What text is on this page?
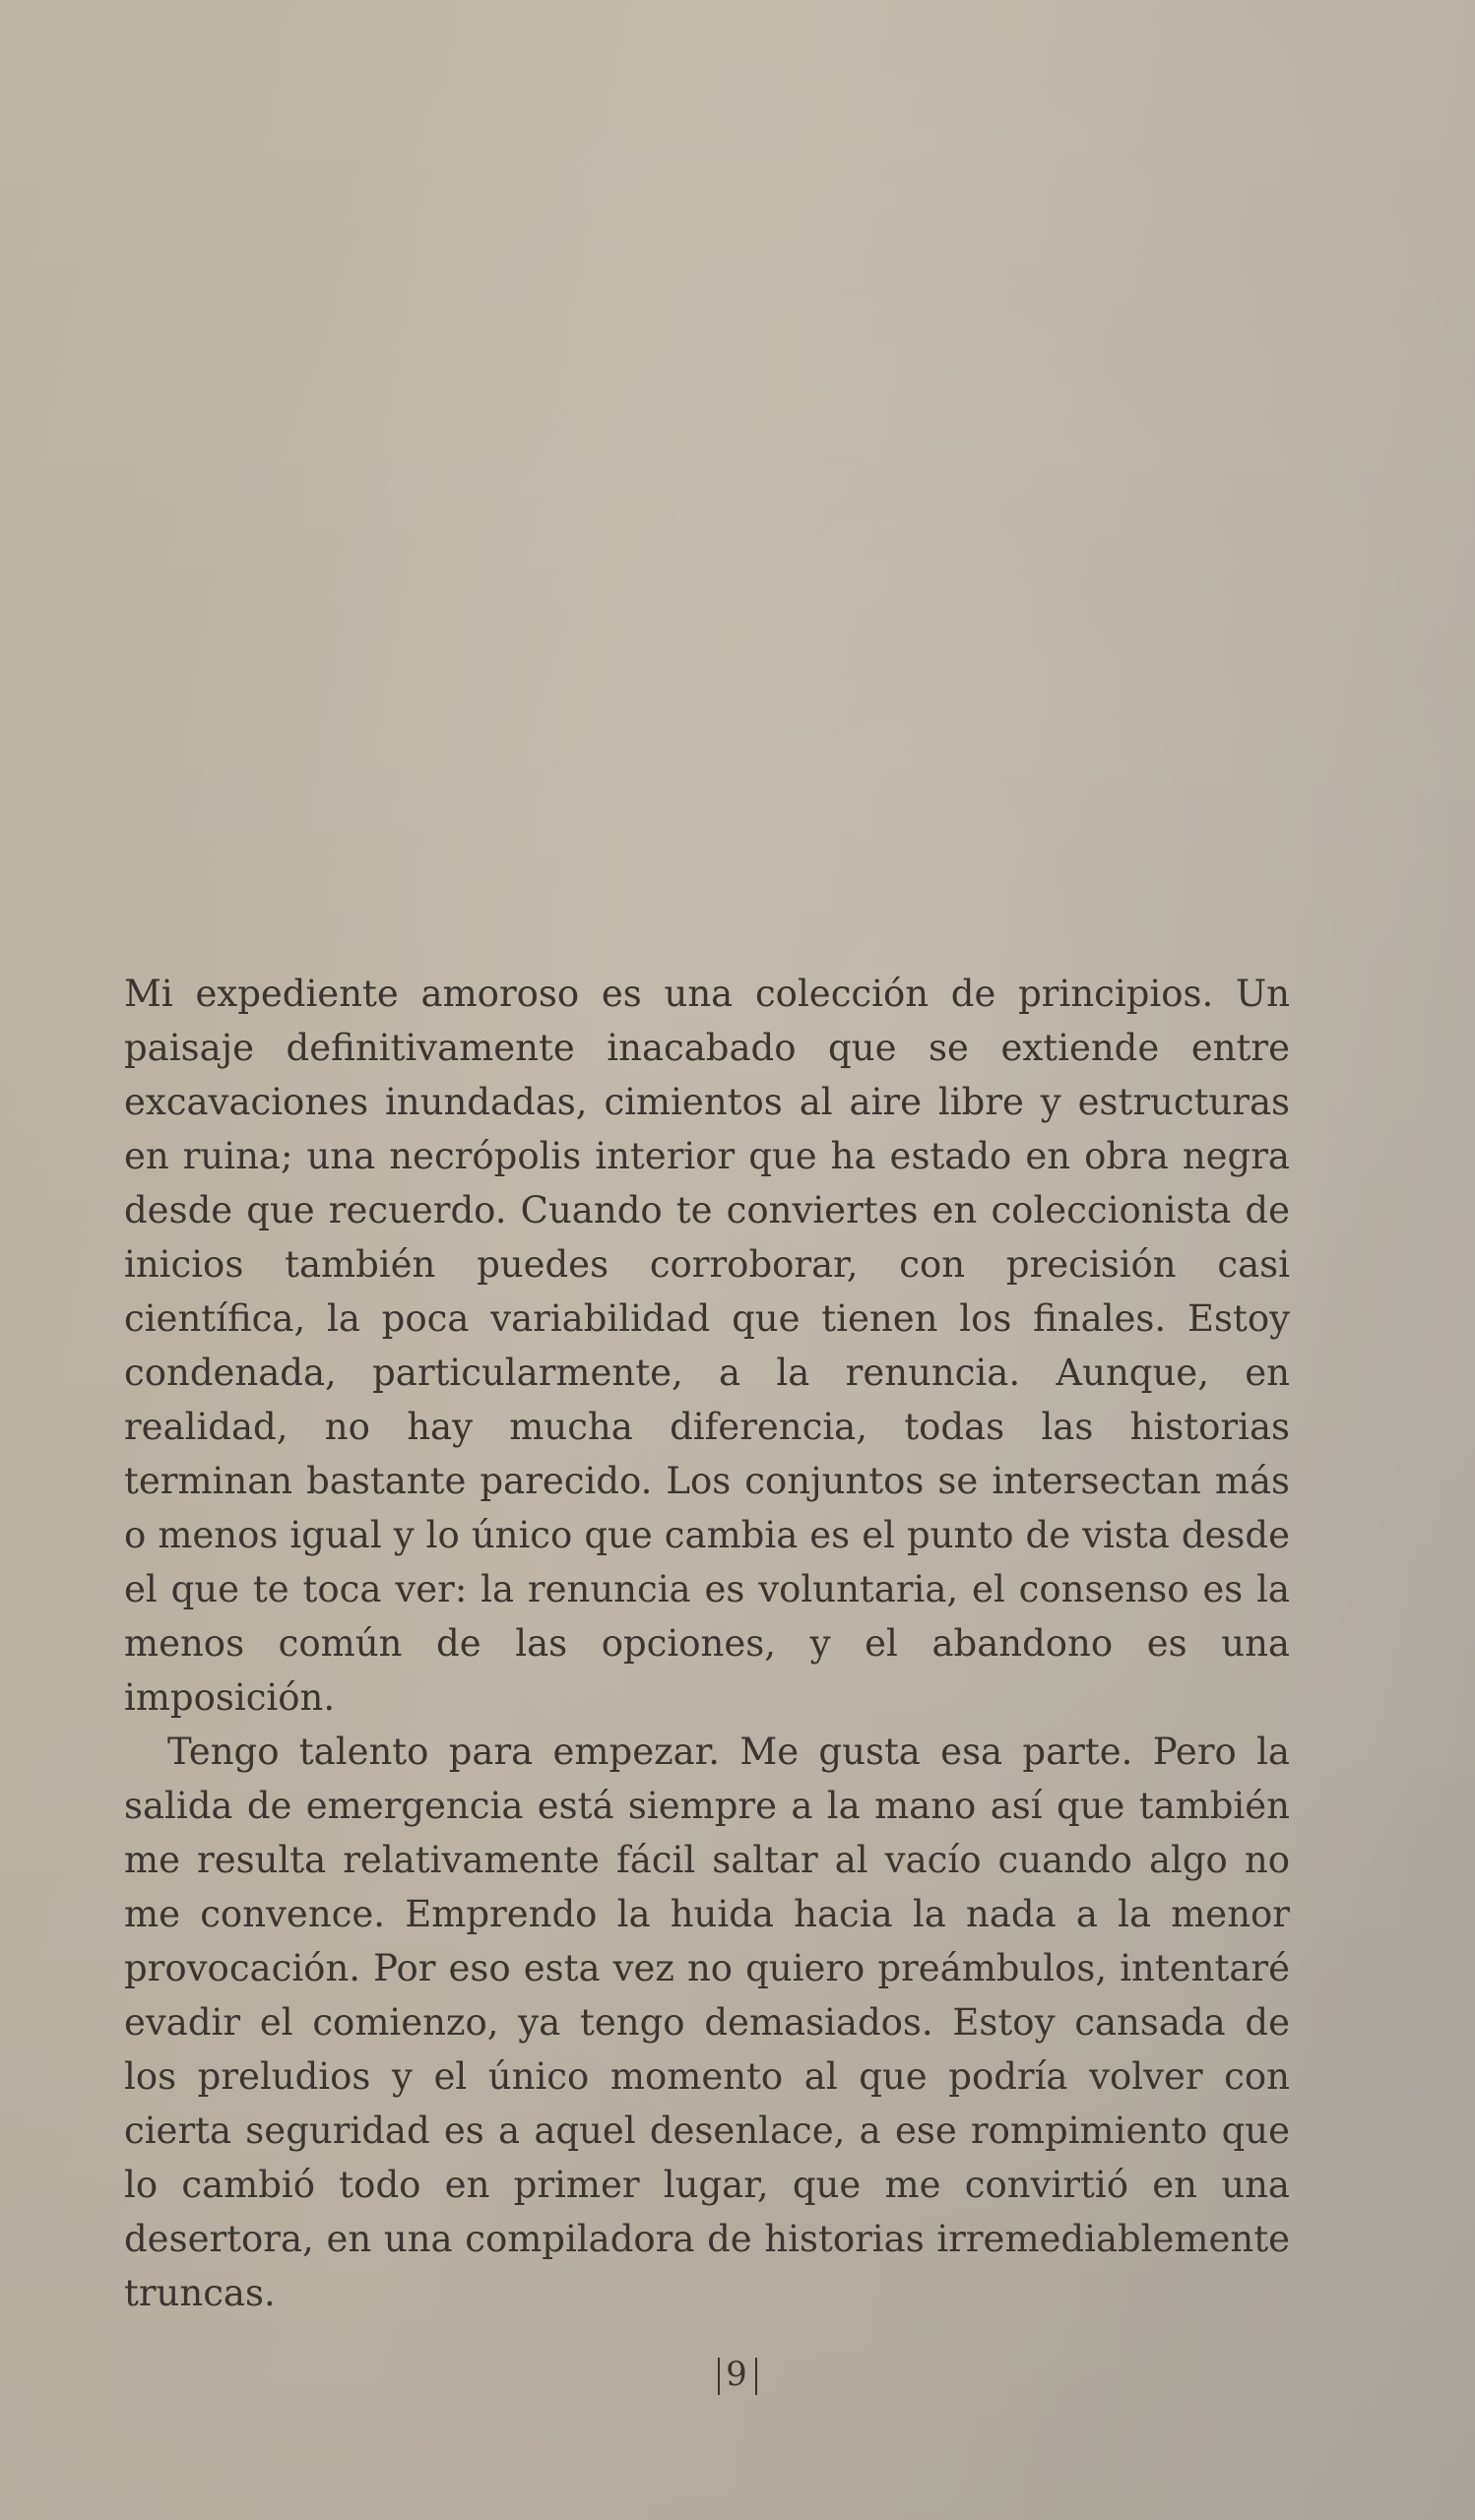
Mi expediente amoroso es una colección de principios. Un paisaje definitivamente inacabado que se extiende entre excavaciones inundadas, cimientos al aire libre y estructuras en ruina; una necrópolis interior que ha estado en obra negra desde que recuerdo. Cuando te conviertes en coleccionista de inicios también puedes corroborar, con precisión casi científica, la poca variabilidad que tienen los finales. Estoy condenada, particularmente, a la renuncia. Aunque, en realidad, no hay mucha diferencia, todas las historias terminan bastante parecido. Los conjuntos se intersectan más o menos igual y lo único que cambia es el punto de vista desde el que te toca ver: la renuncia es voluntaria, el consenso es la menos común de las opciones, y el abandono es una imposición.

Tengo talento para empezar. Me gusta esa parte. Pero la salida de emergencia está siempre a la mano así que también me resulta relativamente fácil saltar al vacío cuando algo no me convence. Emprendo la huida hacia la nada a la menor provocación. Por eso esta vez no quiero preámbulos, intentaré evadir el comienzo, ya tengo demasiados. Estoy cansada de los preludios y el único momento al que podría volver con cierta seguridad es a aquel desenlace, a ese rompimiento que lo cambió todo en primer lugar, que me convirtió en una desertora, en una compiladora de historias irremediablemente truncas.

9
